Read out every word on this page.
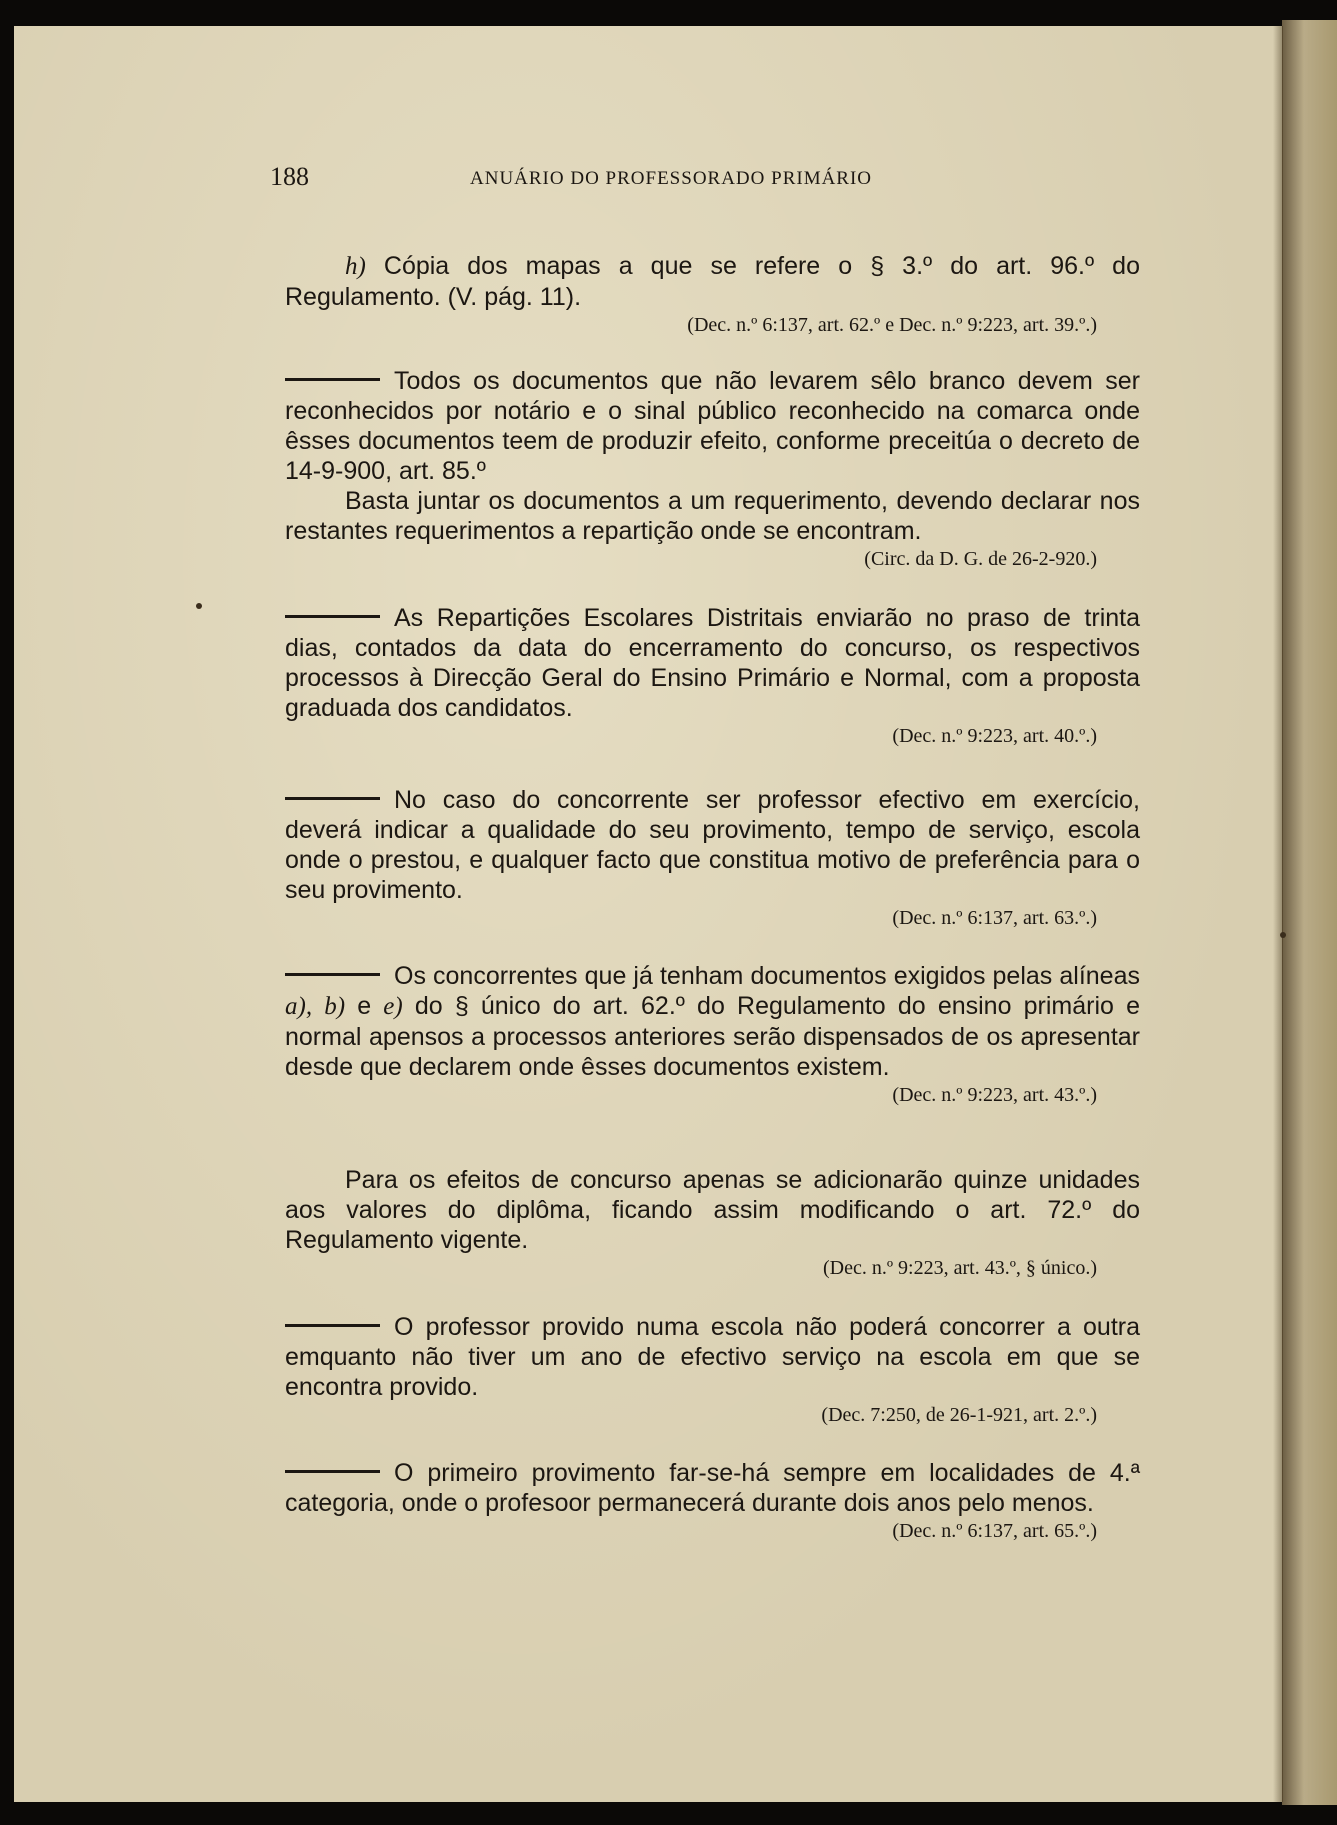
188	ANUÁRIO DO PROFESSORADO PRIMÁRIO

h) Cópia dos mapas a que se refere o § 3.º do art. 96.º do Regulamento. (V. pág. 11).

(Dec. n.º 6:137, art. 62.º e Dec. n.º 9:223, art. 39.º.)

Todos os documentos que não levarem sêlo branco devem ser reconhecidos por notário e o sinal público reconhecido na comarca onde êsses documentos teem de produzir efeito, conforme preceitúa o decreto de 14-9-900, art. 85.º

Basta juntar os documentos a um requerimento, devendo declarar nos restantes requerimentos a repartição onde se encontram.

(Circ. da D. G. de 26-2-920.)

As Repartições Escolares Distritais enviarão no praso de trinta dias, contados da data do encerramento do concurso, os respectivos processos à Direcção Geral do Ensino Primário e Normal, com a proposta graduada dos candidatos.

(Dec. n.º 9:223, art. 40.º.)

No caso do concorrente ser professor efectivo em exercício, deverá indicar a qualidade do seu provimento, tempo de serviço, escola onde o prestou, e qualquer facto que constitua motivo de preferência para o seu provimento.

(Dec. n.º 6:137, art. 63.º.)

Os concorrentes que já tenham documentos exigidos pelas alíneas a), b) e e) do § único do art. 62.º do Regulamento do ensino primário e normal apensos a processos anteriores serão dispensados de os apresentar desde que declarem onde êsses documentos existem.

(Dec. n.º 9:223, art. 43.º.)

Para os efeitos de concurso apenas se adicionarão quinze unidades aos valores do diplôma, ficando assim modificando o art. 72.º do Regulamento vigente.

(Dec. n.º 9:223, art. 43.º, § único.)

O professor provido numa escola não poderá concorrer a outra emquanto não tiver um ano de efectivo serviço na escola em que se encontra provido.

(Dec. 7:250, de 26-1-921, art. 2.º.)

O primeiro provimento far-se-há sempre em localidades de 4.ª categoria, onde o profesoor permanecerá durante dois anos pelo menos.

(Dec. n.º 6:137, art. 65.º.)
